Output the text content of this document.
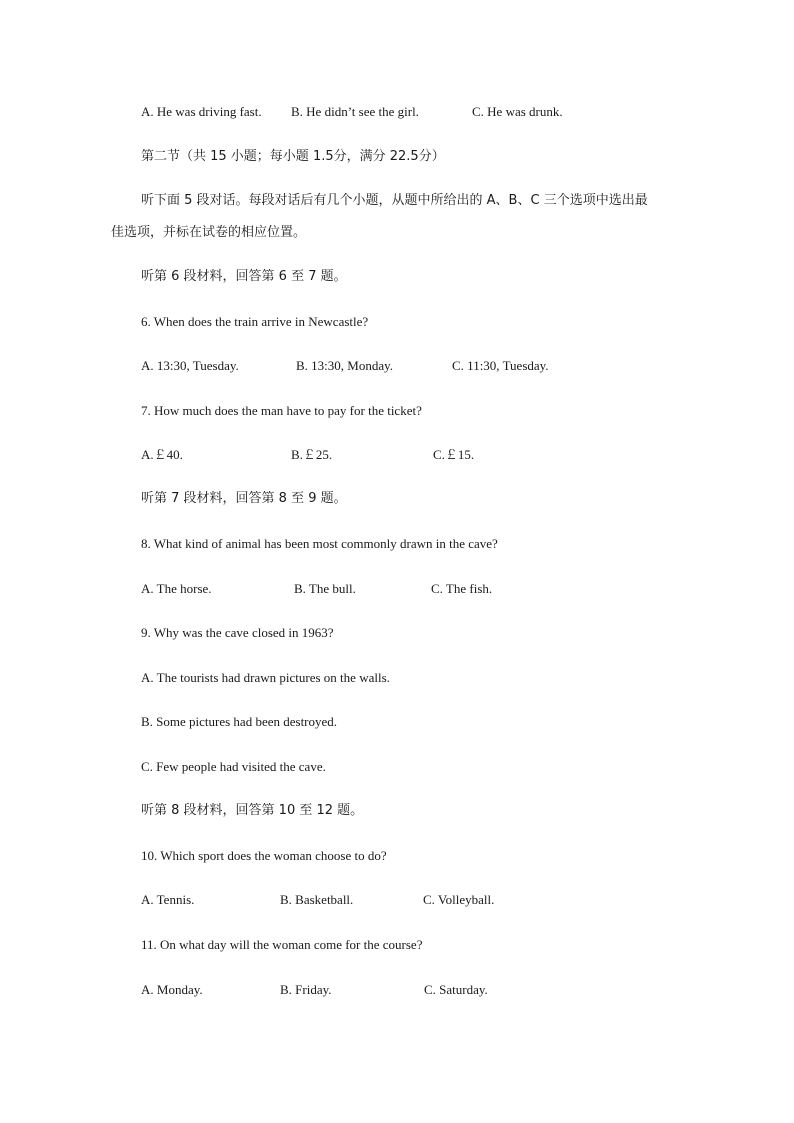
A. He was driving fast. B. He didn’t see the girl.	C. He was drunk.
第二节（共 15 小题；每小题 1.5分，满分 22.5分）
听下面 5 段对话。每段对话后有几个小题，从题中所给出的 A、B、C 三个选项中选出最
佳选项，并标在试卷的相应位置。
听第 6 段材料，回答第 6 至 7 题。
6. When does the train arrive in Newcastle?
A. 13:30, Tuesday.	B. 13:30, Monday.	C. 11:30, Tuesday.
7. How much does the man have to pay for the ticket?
A.￡40.	B.￡25.	C.￡15.
听第 7 段材料，回答第 8 至 9 题。
8. What kind of animal has been most commonly drawn in the cave?
A. The horse.	B. The bull.	C. The fish.
9. Why was the cave closed in 1963?
A. The tourists had drawn pictures on the walls.
B. Some pictures had been destroyed.
C. Few people had visited the cave.
听第 8 段材料，回答第 10 至 12 题。
10. Which sport does the woman choose to do?
A. Tennis.	B. Basketball.	C. Volleyball.
11. On what day will the woman come for the course?
A. Monday.	B. Friday.	C. Saturday.
